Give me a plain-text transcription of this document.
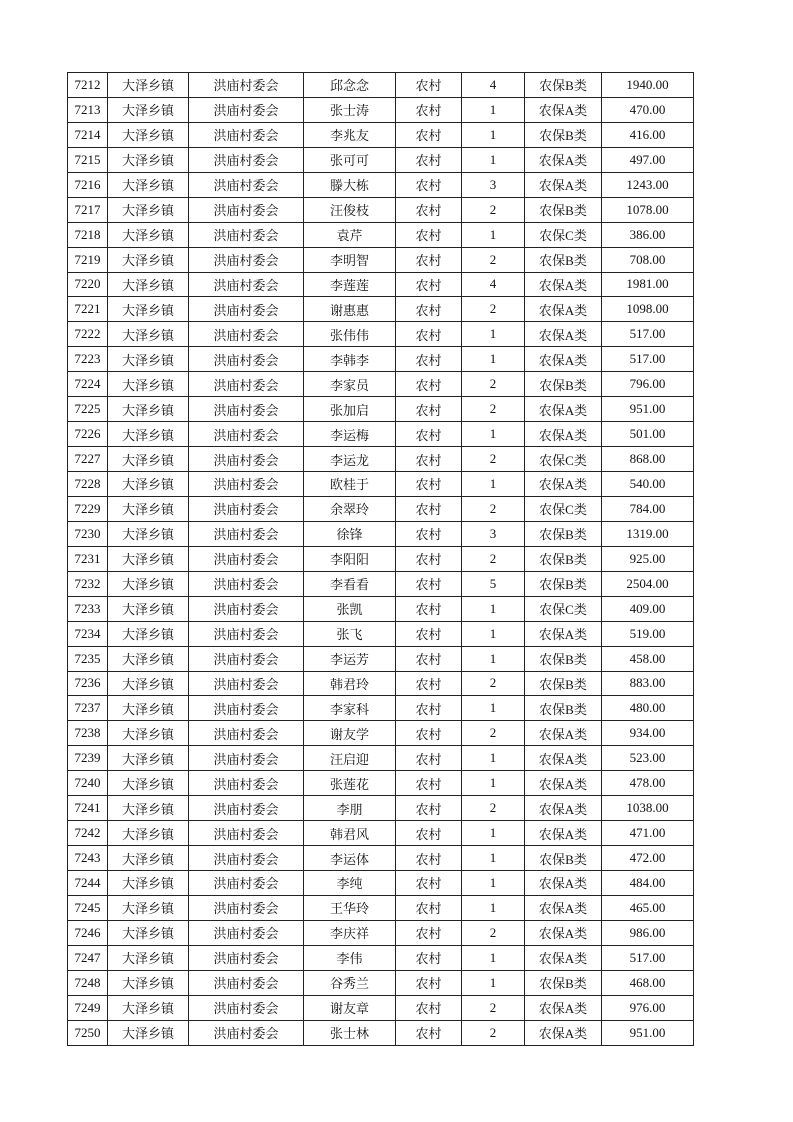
7212	大泽乡镇	洪庙村委会	邱念念	农村	4	农保B类	1940.00
7213	大泽乡镇	洪庙村委会	张士涛	农村	1	农保A类	470.00
7214	大泽乡镇	洪庙村委会	李兆友	农村	1	农保B类	416.00
7215	大泽乡镇	洪庙村委会	张可可	农村	1	农保A类	497.00
7216	大泽乡镇	洪庙村委会	滕大栋	农村	3	农保A类	1243.00
7217	大泽乡镇	洪庙村委会	汪俊枝	农村	2	农保B类	1078.00
7218	大泽乡镇	洪庙村委会	袁芹	农村	1	农保C类	386.00
7219	大泽乡镇	洪庙村委会	李明智	农村	2	农保B类	708.00
7220	大泽乡镇	洪庙村委会	李莲莲	农村	4	农保A类	1981.00
7221	大泽乡镇	洪庙村委会	谢惠惠	农村	2	农保A类	1098.00
7222	大泽乡镇	洪庙村委会	张伟伟	农村	1	农保A类	517.00
7223	大泽乡镇	洪庙村委会	李韩李	农村	1	农保A类	517.00
7224	大泽乡镇	洪庙村委会	李家员	农村	2	农保B类	796.00
7225	大泽乡镇	洪庙村委会	张加启	农村	2	农保A类	951.00
7226	大泽乡镇	洪庙村委会	李运梅	农村	1	农保A类	501.00
7227	大泽乡镇	洪庙村委会	李运龙	农村	2	农保C类	868.00
7228	大泽乡镇	洪庙村委会	欧桂于	农村	1	农保A类	540.00
7229	大泽乡镇	洪庙村委会	余翠玲	农村	2	农保C类	784.00
7230	大泽乡镇	洪庙村委会	徐锋	农村	3	农保B类	1319.00
7231	大泽乡镇	洪庙村委会	李阳阳	农村	2	农保B类	925.00
7232	大泽乡镇	洪庙村委会	李看看	农村	5	农保B类	2504.00
7233	大泽乡镇	洪庙村委会	张凯	农村	1	农保C类	409.00
7234	大泽乡镇	洪庙村委会	张飞	农村	1	农保A类	519.00
7235	大泽乡镇	洪庙村委会	李运芳	农村	1	农保B类	458.00
7236	大泽乡镇	洪庙村委会	韩君玲	农村	2	农保B类	883.00
7237	大泽乡镇	洪庙村委会	李家科	农村	1	农保B类	480.00
7238	大泽乡镇	洪庙村委会	谢友学	农村	2	农保A类	934.00
7239	大泽乡镇	洪庙村委会	汪启迎	农村	1	农保A类	523.00
7240	大泽乡镇	洪庙村委会	张莲花	农村	1	农保A类	478.00
7241	大泽乡镇	洪庙村委会	李朋	农村	2	农保A类	1038.00
7242	大泽乡镇	洪庙村委会	韩君风	农村	1	农保A类	471.00
7243	大泽乡镇	洪庙村委会	李运体	农村	1	农保B类	472.00
7244	大泽乡镇	洪庙村委会	李纯	农村	1	农保A类	484.00
7245	大泽乡镇	洪庙村委会	王华玲	农村	1	农保A类	465.00
7246	大泽乡镇	洪庙村委会	李庆祥	农村	2	农保A类	986.00
7247	大泽乡镇	洪庙村委会	李伟	农村	1	农保A类	517.00
7248	大泽乡镇	洪庙村委会	谷秀兰	农村	1	农保B类	468.00
7249	大泽乡镇	洪庙村委会	谢友章	农村	2	农保A类	976.00
7250	大泽乡镇	洪庙村委会	张士林	农村	2	农保A类	951.00
